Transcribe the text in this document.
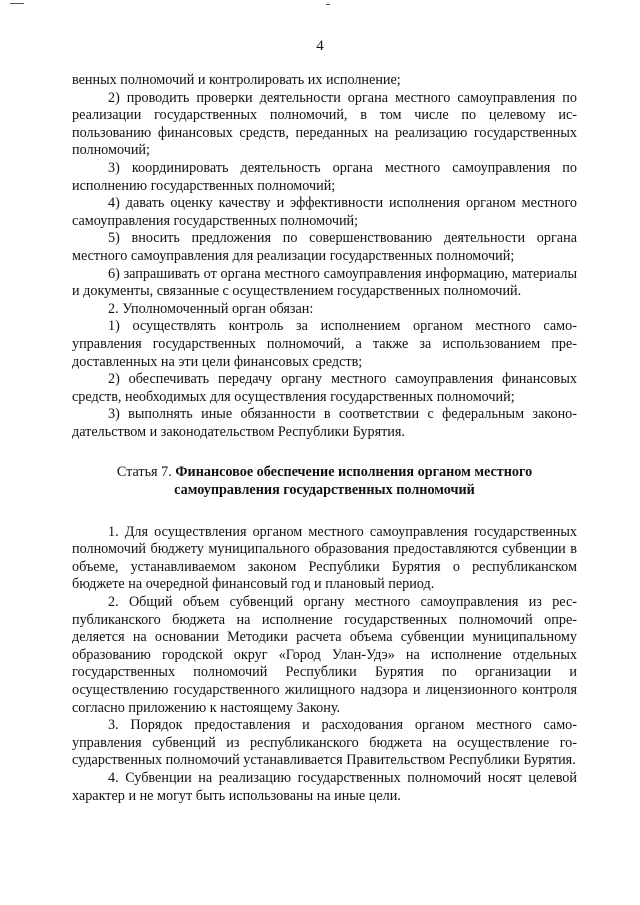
4

венных полномочий и контролировать их исполнение;

2) проводить проверки деятельности органа местного самоуправления по реализации государственных полномочий, в том числе по целевому использованию финансовых средств, переданных на реализацию государственных полномочий;

3) координировать деятельность органа местного самоуправления по исполнению государственных полномочий;

4) давать оценку качеству и эффективности исполнения органом местного самоуправления государственных полномочий;

5) вносить предложения по совершенствованию деятельности органа местного самоуправления для реализации государственных полномочий;

6) запрашивать от органа местного самоуправления информацию, материалы и документы, связанные с осуществлением государственных полномочий.

2. Уполномоченный орган обязан:

1) осуществлять контроль за исполнением органом местного самоуправления государственных полномочий, а также за использованием предоставленных на эти цели финансовых средств;

2) обеспечивать передачу органу местного самоуправления финансовых средств, необходимых для осуществления государственных полномочий;

3) выполнять иные обязанности в соответствии с федеральным законодательством и законодательством Республики Бурятия.

Статья 7. Финансовое обеспечение исполнения органом местного самоуправления государственных полномочий

1. Для осуществления органом местного самоуправления государственных полномочий бюджету муниципального образования предоставляются субвенции в объеме, устанавливаемом законом Республики Бурятия о республиканском бюджете на очередной финансовый год и плановый период.

2. Общий объем субвенций органу местного самоуправления из республиканского бюджета на исполнение государственных полномочий определяется на основании Методики расчета объема субвенции муниципальному образованию городской округ «Город Улан-Удэ» на исполнение отдельных государственных полномочий Республики Бурятия по организации и осуществлению государственного жилищного надзора и лицензионного контроля согласно приложению к настоящему Закону.

3. Порядок предоставления и расходования органом местного самоуправления субвенций из республиканского бюджета на осуществление государственных полномочий устанавливается Правительством Республики Бурятия.

4. Субвенции на реализацию государственных полномочий носят целевой характер и не могут быть использованы на иные цели.
